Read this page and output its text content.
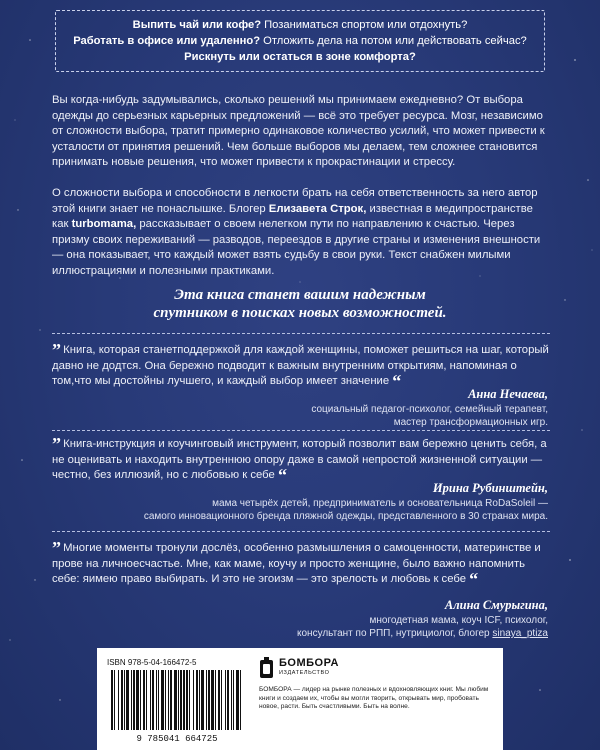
Выпить чай или кофе? Позаниматься спортом или отдохнуть?
Работать в офисе или удаленно? Отложить дела на потом или действовать сейчас?
Рискнуть или остаться в зоне комфорта?
Вы когда-нибудь задумывались, сколько решений мы принимаем ежедневно? От выбора одежды до серьезных карьерных предложений — всё это требует ресурса. Мозг, независимо от сложности выбора, тратит примерно одинаковое количество усилий, что может привести к усталости от принятия решений. Чем больше выборов мы делаем, тем сложнее становится принимать новые решения, что может привести к прокрастинации и стрессу.
О сложности выбора и способности в легкости брать на себя ответственность за него автор этой книги знает не понаслышке. Блогер Елизавета Строк, известная в медипространстве как turbomama, рассказывает о своем нелегком пути по направлению к счастью. Через призму своих переживаний — разводов, переездов в другие страны и изменения внешности — она показывает, что каждый может взять судьбу в свои руки. Текст снабжен милыми иллюстрациями и полезными практиками.
Эта книга станет вашим надежным
спутником в поисках новых возможностей.
” Книга, которая станетподдержкой для каждой женщины, поможет решиться на шаг, который давно не додтся. Она бережно подводит к важным внутренним открытиям, напоминая о том,что мы достойны лучшего, и каждый выбор имеет значение “
Анна Нечаева,
социальный педагог-психолог, семейный терапевт,
мастер трансформационных игр.
” Книга-инструкция и коучинговый инструмент, который позволит вам бережно ценить себя, а не оценивать и находить внутреннюю опору даже в самой непростой жизненной ситуации — честно, без иллюзий, но с любовью к себе “
Ирина Рубинштейн,
мама четырёх детей, предприниматель и основательница RoDaSoleil —
самого инновационного бренда пляжной одежды, представленного в 30 странах мира.
” Многие моменты тронули дослёз, особенно размышления о самоценности, материнстве и прове на личноесчастье. Мне, как маме, коучу и просто женщине, было важно напомнить себе: яимею право выбирать. И это не эгоизм — это зрелость и любовь к себе “
Алина Смурыгина,
многодетная мама, коуч ICF, психолог,
консультант по РПП, нутрициолог, блогер sinaya_ptiza
ISBN 978-5-04-166472-5
9 785041 664725
БОМБОРА
ИЗДАТЕЛЬСТВО
БОМБОРА — лидер на рынке полезных и вдохновляющих книг. Мы любим книги и создаем их, чтобы вы могли творить, открывать мир, пробовать новое, расти. Быть счастливыми. Быть на волне.
